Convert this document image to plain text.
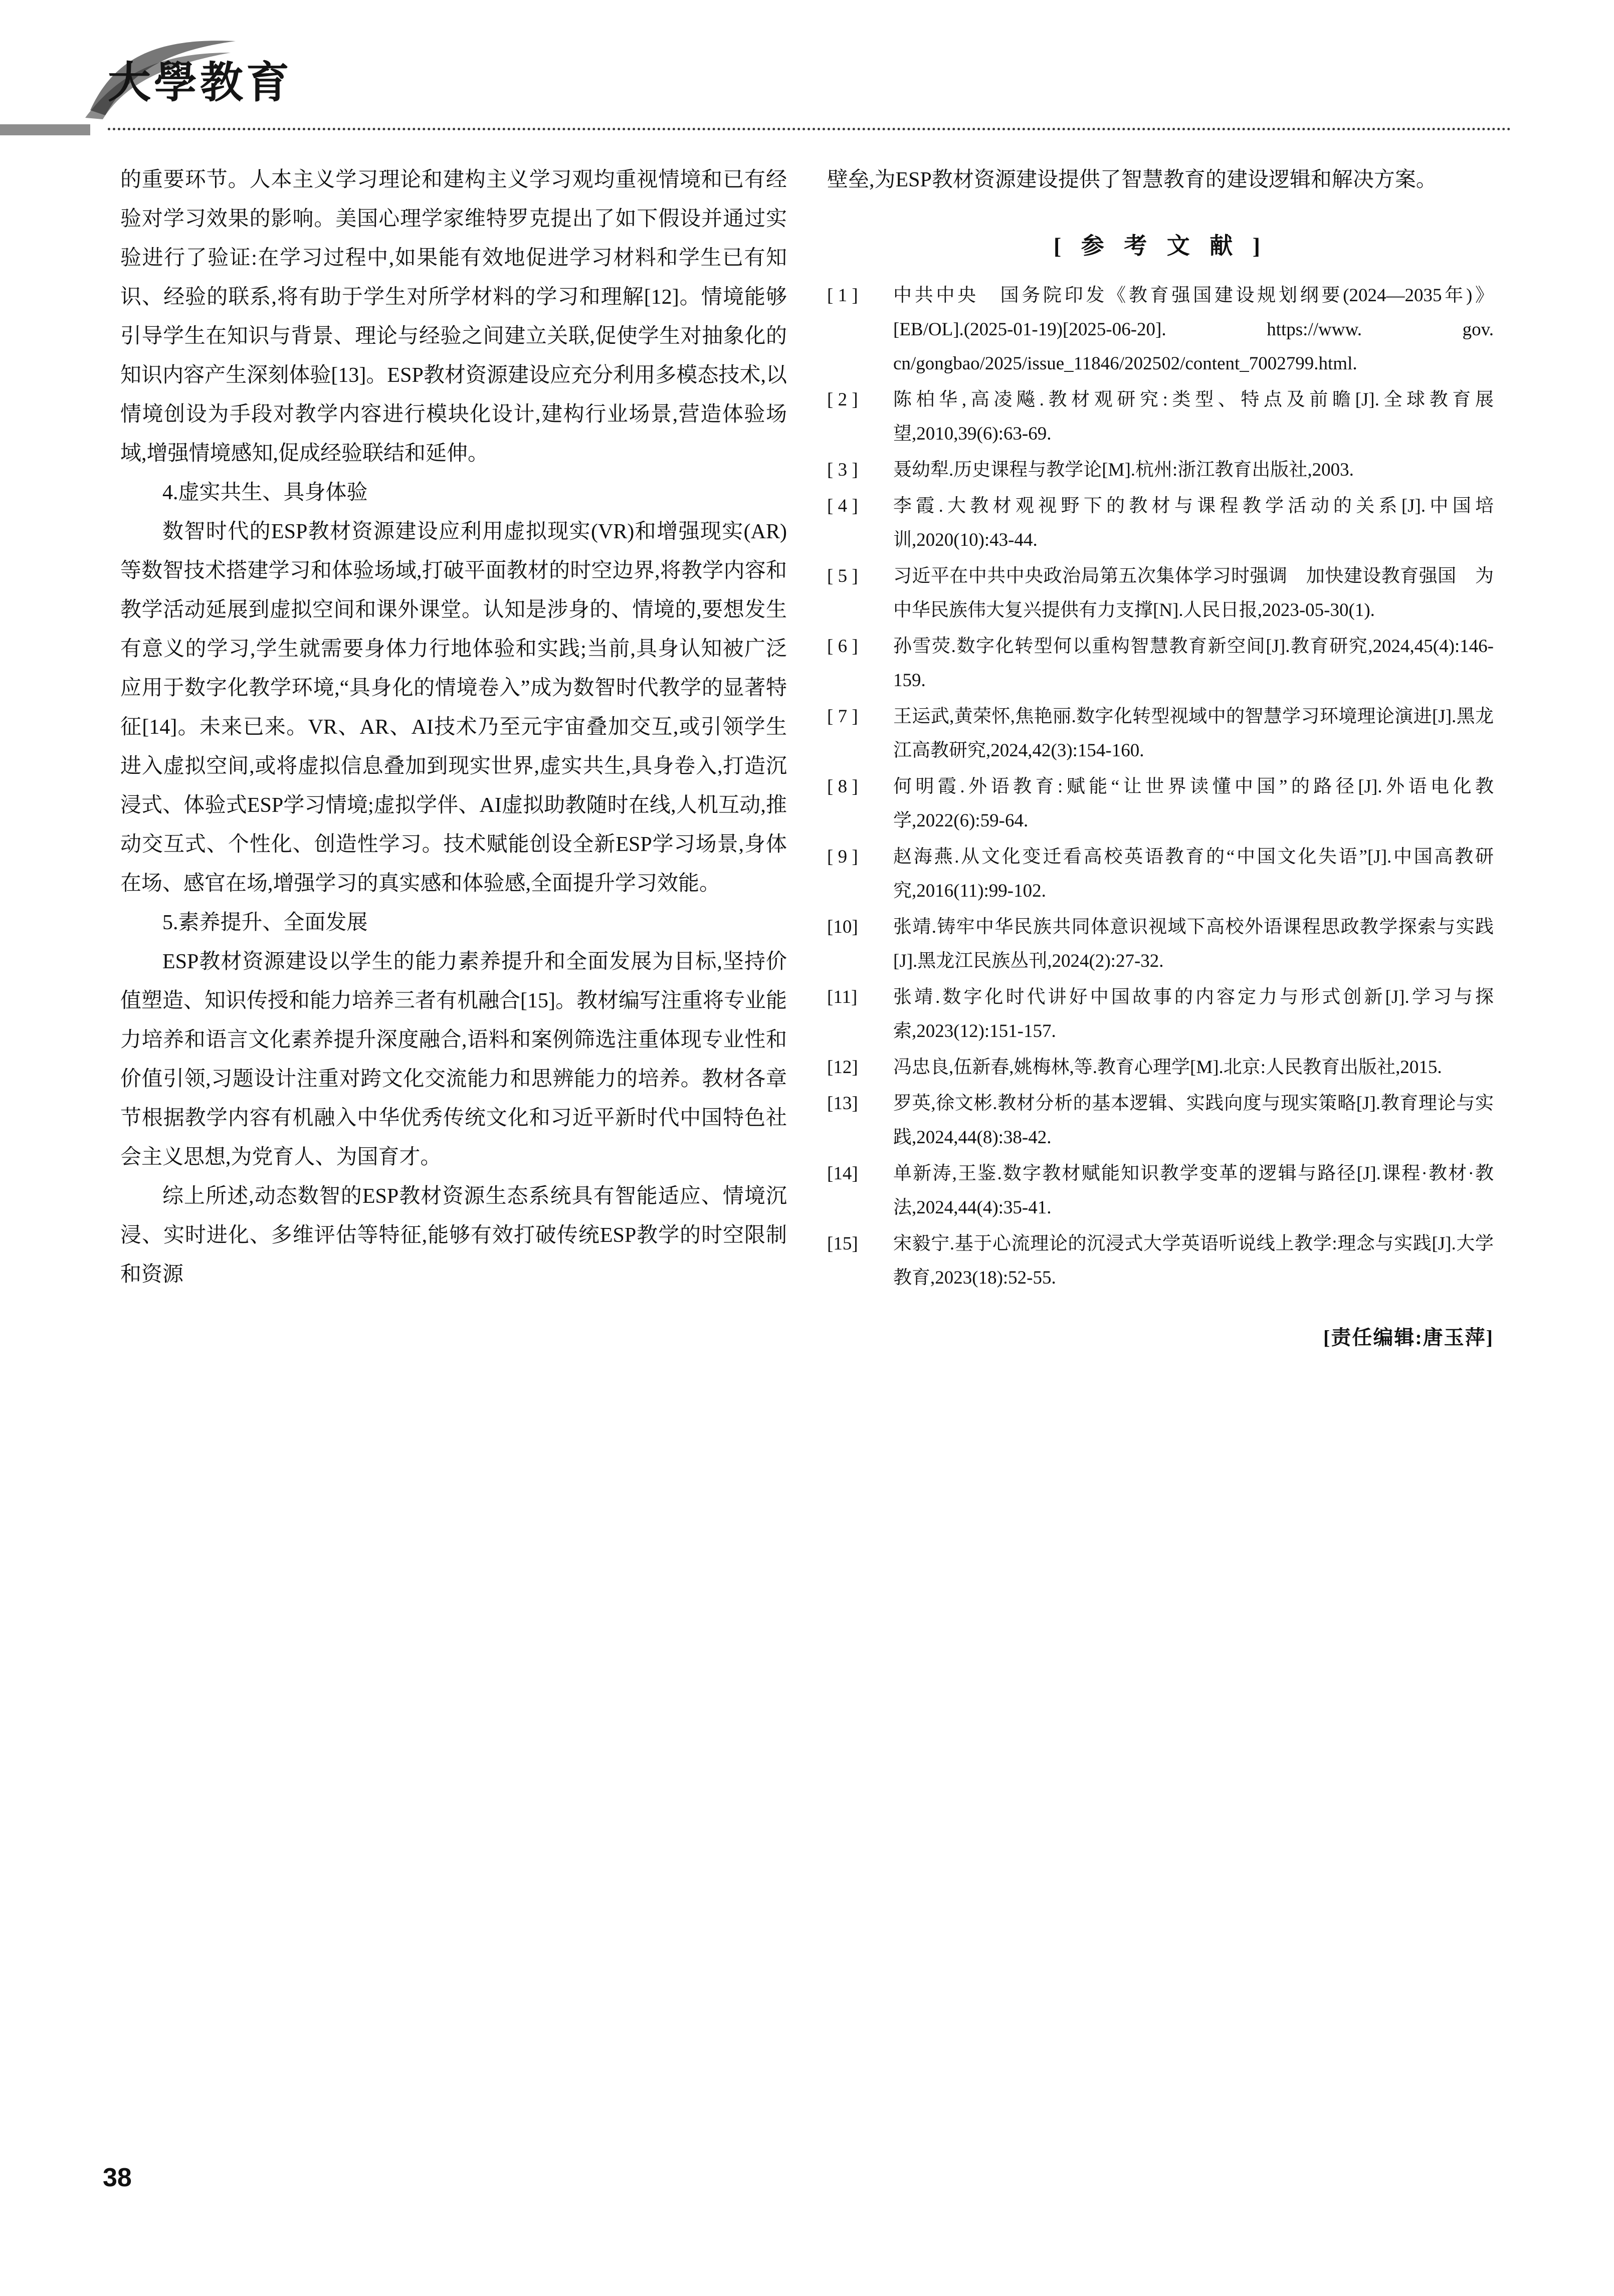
大學教育

的重要环节。人本主义学习理论和建构主义学习观均重视情境和已有经验对学习效果的影响。美国心理学家维特罗克提出了如下假设并通过实验进行了验证:在学习过程中,如果能有效地促进学习材料和学生已有知识、经验的联系,将有助于学生对所学材料的学习和理解[12]。情境能够引导学生在知识与背景、理论与经验之间建立关联,促使学生对抽象化的知识内容产生深刻体验[13]。ESP教材资源建设应充分利用多模态技术,以情境创设为手段对教学内容进行模块化设计,建构行业场景,营造体验场域,增强情境感知,促成经验联结和延伸。

4.虚实共生、具身体验

数智时代的ESP教材资源建设应利用虚拟现实(VR)和增强现实(AR)等数智技术搭建学习和体验场域,打破平面教材的时空边界,将教学内容和教学活动延展到虚拟空间和课外课堂。认知是涉身的、情境的,要想发生有意义的学习,学生就需要身体力行地体验和实践;当前,具身认知被广泛应用于数字化教学环境,“具身化的情境卷入”成为数智时代教学的显著特征[14]。未来已来。VR、AR、AI技术乃至元宇宙叠加交互,或引领学生进入虚拟空间,或将虚拟信息叠加到现实世界,虚实共生,具身卷入,打造沉浸式、体验式ESP学习情境;虚拟学伴、AI虚拟助教随时在线,人机互动,推动交互式、个性化、创造性学习。技术赋能创设全新ESP学习场景,身体在场、感官在场,增强学习的真实感和体验感,全面提升学习效能。

5.素养提升、全面发展

ESP教材资源建设以学生的能力素养提升和全面发展为目标,坚持价值塑造、知识传授和能力培养三者有机融合[15]。教材编写注重将专业能力培养和语言文化素养提升深度融合,语料和案例筛选注重体现专业性和价值引领,习题设计注重对跨文化交流能力和思辨能力的培养。教材各章节根据教学内容有机融入中华优秀传统文化和习近平新时代中国特色社会主义思想,为党育人、为国育才。

综上所述,动态数智的ESP教材资源生态系统具有智能适应、情境沉浸、实时进化、多维评估等特征,能够有效打破传统ESP教学的时空限制和资源

壁垒,为ESP教材资源建设提供了智慧教育的建设逻辑和解决方案。

[ 参 考 文 献 ]
[ 1 ]	中共中央　国务院印发《教育强国建设规划纲要(2024—2035年)》[EB/OL].(2025-01-19)[2025-06-20]. https://www. gov. cn/gongbao/2025/issue_11846/202502/content_7002799.html.
[ 2 ]	陈柏华,高凌飚.教材观研究:类型、特点及前瞻[J].全球教育展望,2010,39(6):63-69.
[ 3 ]	聂幼犁.历史课程与教学论[M].杭州:浙江教育出版社,2003.
[ 4 ]	李霞.大教材观视野下的教材与课程教学活动的关系[J].中国培训,2020(10):43-44.
[ 5 ]	习近平在中共中央政治局第五次集体学习时强调　加快建设教育强国　为中华民族伟大复兴提供有力支撑[N].人民日报,2023-05-30(1).
[ 6 ]	孙雪荧.数字化转型何以重构智慧教育新空间[J].教育研究,2024,45(4):146-159.
[ 7 ]	王运武,黄荣怀,焦艳丽.数字化转型视域中的智慧学习环境理论演进[J].黑龙江高教研究,2024,42(3):154-160.
[ 8 ]	何明霞.外语教育:赋能“让世界读懂中国”的路径[J].外语电化教学,2022(6):59-64.
[ 9 ]	赵海燕.从文化变迁看高校英语教育的“中国文化失语”[J].中国高教研究,2016(11):99-102.
[10]	张靖.铸牢中华民族共同体意识视域下高校外语课程思政教学探索与实践[J].黑龙江民族丛刊,2024(2):27-32.
[11]	张靖.数字化时代讲好中国故事的内容定力与形式创新[J].学习与探索,2023(12):151-157.
[12]	冯忠良,伍新春,姚梅林,等.教育心理学[M].北京:人民教育出版社,2015.
[13]	罗英,徐文彬.教材分析的基本逻辑、实践向度与现实策略[J].教育理论与实践,2024,44(8):38-42.
[14]	单新涛,王鉴.数字教材赋能知识教学变革的逻辑与路径[J].课程·教材·教法,2024,44(4):35-41.
[15]	宋毅宁.基于心流理论的沉浸式大学英语听说线上教学:理念与实践[J].大学教育,2023(18):52-55.
[责任编辑:唐玉萍]
38
